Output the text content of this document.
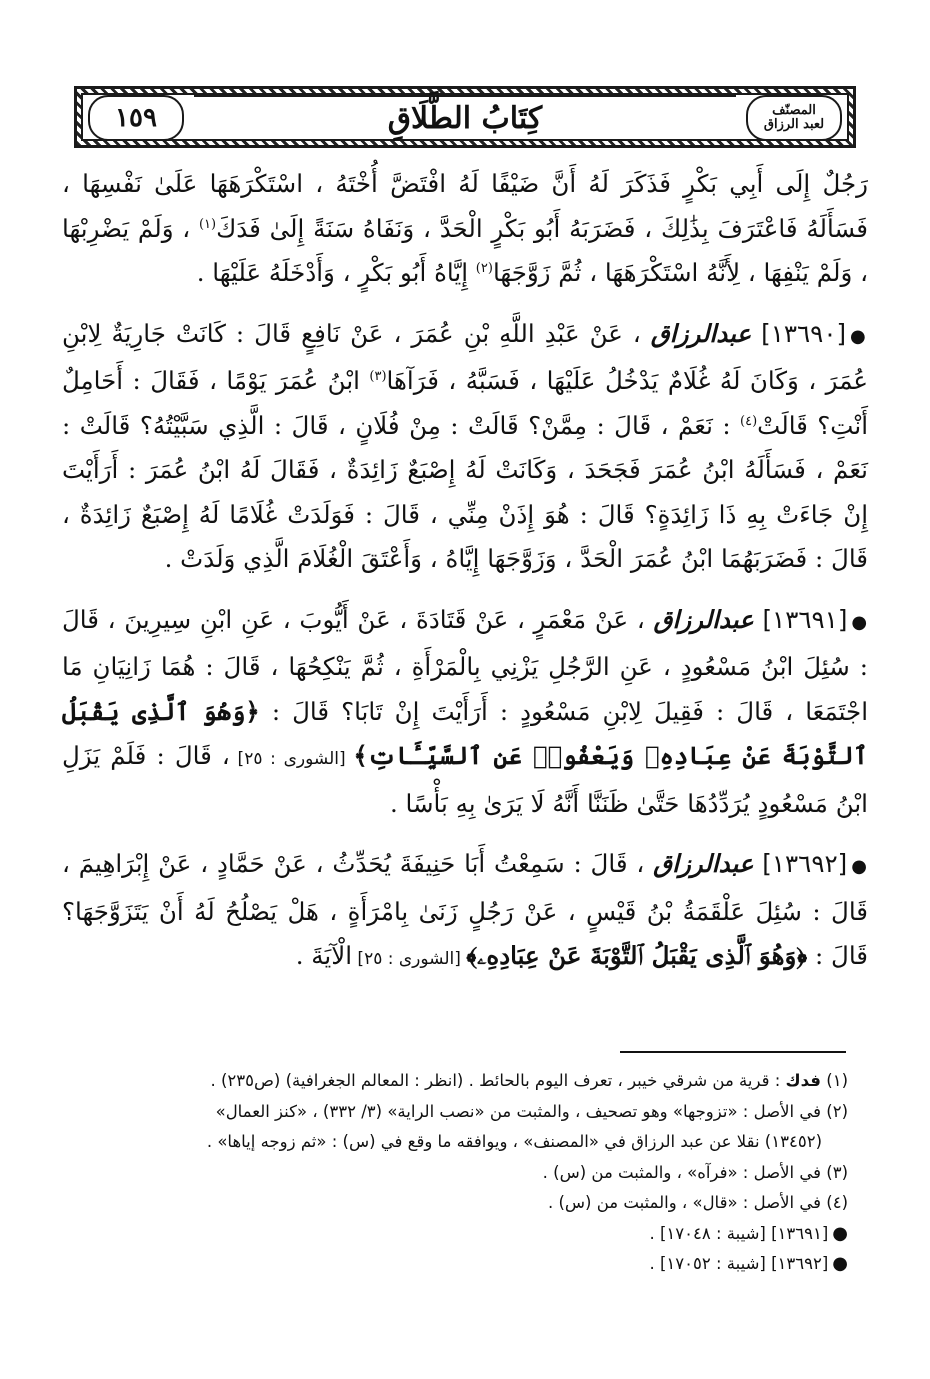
١٥٩	كِتَابُ الطَّلَاقِ	المصنّف
لعبد الرزاق

رَجُلٌ إِلَى أَبِي بَكْرٍ فَذَكَرَ لَهُ أَنَّ ضَيْفًا لَهُ افْتَضَّ أُخْتَهُ ، اسْتَكْرَهَهَا عَلَىٰ نَفْسِهَا ، فَسَأَلَهُ فَاعْتَرَفَ بِذَٰلِكَ ، فَضَرَبَهُ أَبُو بَكْرٍ الْحَدَّ ، وَنَفَاهُ سَنَةً إِلَىٰ فَدَكَ$^{(١)}$ ، وَلَمْ يَضْرِبْهَا ، وَلَمْ يَنْفِهَا ، لِأَنَّهُ اسْتَكْرَهَهَا ، ثُمَّ زَوَّجَهَا$^{(٢)}$ إِيَّاهُ أَبُو بَكْرٍ ، وَأَدْخَلَهُ عَلَيْهَا .

●[١٣٦٩٠] عبدالرزاق ، عَنْ عَبْدِ اللَّهِ بْنِ عُمَرَ ، عَنْ نَافِعٍ قَالَ : كَانَتْ جَارِيَةٌ لِابْنِ عُمَرَ ، وَكَانَ لَهُ غُلَامٌ يَدْخُلُ عَلَيْهَا ، فَسَبَّهُ ، فَرَآهَا$^{(٣)}$ ابْنُ عُمَرَ يَوْمًا ، فَقَالَ : أَحَامِلٌ أَنْتِ؟ قَالَتْ$^{(٤)}$ : نَعَمْ ، قَالَ : مِمَّنْ؟ قَالَتْ : مِنْ فُلَانٍ ، قَالَ : الَّذِي سَبَّيْتُهُ؟ قَالَتْ : نَعَمْ ، فَسَأَلَهُ ابْنُ عُمَرَ فَجَحَدَ ، وَكَانَتْ لَهُ إِصْبَعٌ زَائِدَةٌ ، فَقَالَ لَهُ ابْنُ عُمَرَ : أَرَأَيْتَ إِنْ جَاءَتْ بِهِ ذَا زَائِدَةٍ؟ قَالَ : هُوَ إِذَنْ مِنِّي ، قَالَ : فَوَلَدَتْ غُلَامًا لَهُ إِصْبَعٌ زَائِدَةٌ ، قَالَ : فَضَرَبَهُمَا ابْنُ عُمَرَ الْحَدَّ ، وَزَوَّجَهَا إِيَّاهُ ، وَأَعْتَقَ الْغُلَامَ الَّذِي وَلَدَتْ .

●[١٣٦٩١] عبدالرزاق ، عَنْ مَعْمَرٍ ، عَنْ قَتَادَةَ ، عَنْ أَيُّوبَ ، عَنِ ابْنِ سِيرِينَ ، قَالَ : سُئِلَ ابْنُ مَسْعُودٍ ، عَنِ الرَّجُلِ يَزْنِي بِالْمَرْأَةِ ، ثُمَّ يَنْكِحُهَا ، قَالَ : هُمَا زَانِيَانِ مَا اجْتَمَعَا ، قَالَ : فَقِيلَ لِابْنِ مَسْعُودٍ : أَرَأَيْتَ إِنْ تَابَا؟ قَالَ : ﴿وَهُوَ ٱلَّذِى يَقْبَلُ ٱلتَّوْبَةَ عَنْ عِبَادِهِۦ وَيَعْفُوا۟ عَنِ ٱلسَّيِّـَٔاتِ﴾ [الشورى : ٢٥] ، قَالَ : فَلَمْ يَزَلِ ابْنُ مَسْعُودٍ يُرَدِّدُهَا حَتَّىٰ ظَنَنَّا أَنَّهُ لَا يَرَىٰ بِهِ بَأْسًا .

●[١٣٦٩٢] عبدالرزاق ، قَالَ : سَمِعْتُ أَبَا حَنِيفَةَ يُحَدِّثُ ، عَنْ حَمَّادٍ ، عَنْ إِبْرَاهِيمَ ، قَالَ : سُئِلَ عَلْقَمَةُ بْنُ قَيْسٍ ، عَنْ رَجُلٍ زَنَىٰ بِامْرَأَةٍ ، هَلْ يَصْلُحُ لَهُ أَنْ يَتَزَوَّجَهَا؟ قَالَ : ﴿وَهُوَ ٱلَّذِى يَقْبَلُ ٱلتَّوْبَةَ عَنْ عِبَادِهِۦ﴾ [الشورى : ٢٥] الْآيَةَ .

(١) فدك : قرية من شرقي خيبر ، تعرف اليوم بالحائط . (انظر : المعالم الجغرافية) (ص٢٣٥) .

(٢) في الأصل : «تزوجها» وهو تصحيف ، والمثبت من «نصب الراية» (٣/ ٣٣٢) ، «كنز العمال»

(١٣٤٥٢) نقلا عن عبد الرزاق في «المصنف» ، ويوافقه ما وقع في (س) : «ثم زوجه إياها» .

(٣) في الأصل : «فرآه» ، والمثبت من (س) .

(٤) في الأصل : «قال» ، والمثبت من (س) .

●[١٣٦٩١] [شيبة : ١٧٠٤٨] .

●[١٣٦٩٢] [شيبة : ١٧٠٥٢] .
